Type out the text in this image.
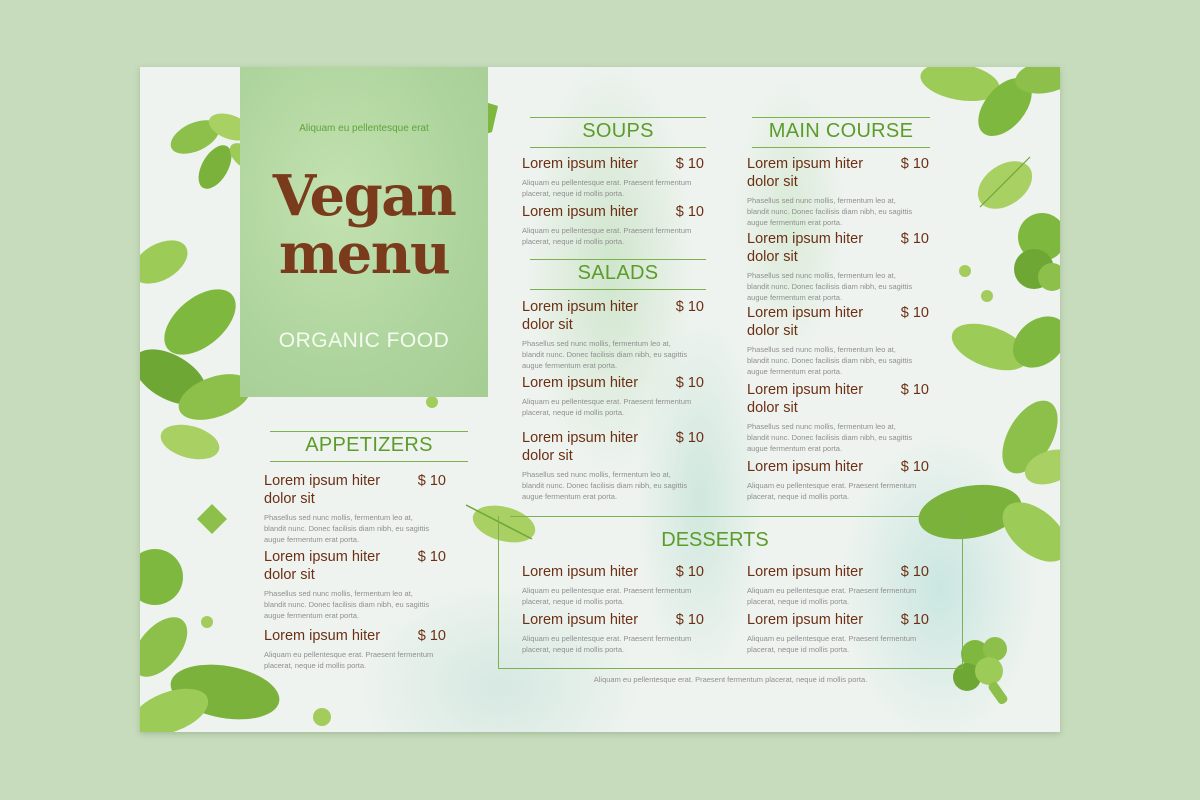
Aliquam eu pellentesque erat
Vegan
menu
ORGANIC FOOD
APPETIZERS
Lorem ipsum hiter dolor sit
$ 10
Phasellus sed nunc mollis, fermentum leo at, blandit nunc. Donec facilisis diam nibh, eu sagittis augue fermentum erat porta.
Lorem ipsum hiter dolor sit
$ 10
Phasellus sed nunc mollis, fermentum leo at, blandit nunc. Donec facilisis diam nibh, eu sagittis augue fermentum erat porta.
Lorem ipsum hiter	$ 10
Aliquam eu pellentesque erat. Praesent fermentum placerat, neque id mollis porta.
SOUPS
Lorem ipsum hiter	$ 10
Aliquam eu pellentesque erat. Praesent fermentum placerat, neque id mollis porta.
Lorem ipsum hiter	$ 10
Aliquam eu pellentesque erat. Praesent fermentum placerat, neque id mollis porta.
SALADS
Lorem ipsum hiter dolor sit
$ 10
Phasellus sed nunc mollis, fermentum leo at, blandit nunc. Donec facilisis diam nibh, eu sagittis augue fermentum erat porta.
Lorem ipsum hiter	$ 10
Aliquam eu pellentesque erat. Praesent fermentum placerat, neque id mollis porta.
Lorem ipsum hiter dolor sit
$ 10
Phasellus sed nunc mollis, fermentum leo at, blandit nunc. Donec facilisis diam nibh, eu sagittis augue fermentum erat porta.
MAIN COURSE
Lorem ipsum hiter dolor sit
$ 10
Phasellus sed nunc mollis, fermentum leo at, blandit nunc. Donec facilisis diam nibh, eu sagittis augue fermentum erat porta.
Lorem ipsum hiter dolor sit
$ 10
Phasellus sed nunc mollis, fermentum leo at, blandit nunc. Donec facilisis diam nibh, eu sagittis augue fermentum erat porta.
Lorem ipsum hiter dolor sit
$ 10
Phasellus sed nunc mollis, fermentum leo at, blandit nunc. Donec facilisis diam nibh, eu sagittis augue fermentum erat porta.
Lorem ipsum hiter dolor sit
$ 10
Phasellus sed nunc mollis, fermentum leo at, blandit nunc. Donec facilisis diam nibh, eu sagittis augue fermentum erat porta.
Lorem ipsum hiter	$ 10
Aliquam eu pellentesque erat. Praesent fermentum placerat, neque id mollis porta.
DESSERTS
Lorem ipsum hiter	$ 10
Aliquam eu pellentesque erat. Praesent fermentum placerat, neque id mollis porta.
Lorem ipsum hiter	$ 10
Aliquam eu pellentesque erat. Praesent fermentum placerat, neque id mollis porta.
Lorem ipsum hiter	$ 10
Aliquam eu pellentesque erat. Praesent fermentum placerat, neque id mollis porta.
Lorem ipsum hiter	$ 10
Aliquam eu pellentesque erat. Praesent fermentum placerat, neque id mollis porta.
Aliquam eu pellentesque erat. Praesent fermentum placerat, neque id mollis porta.
